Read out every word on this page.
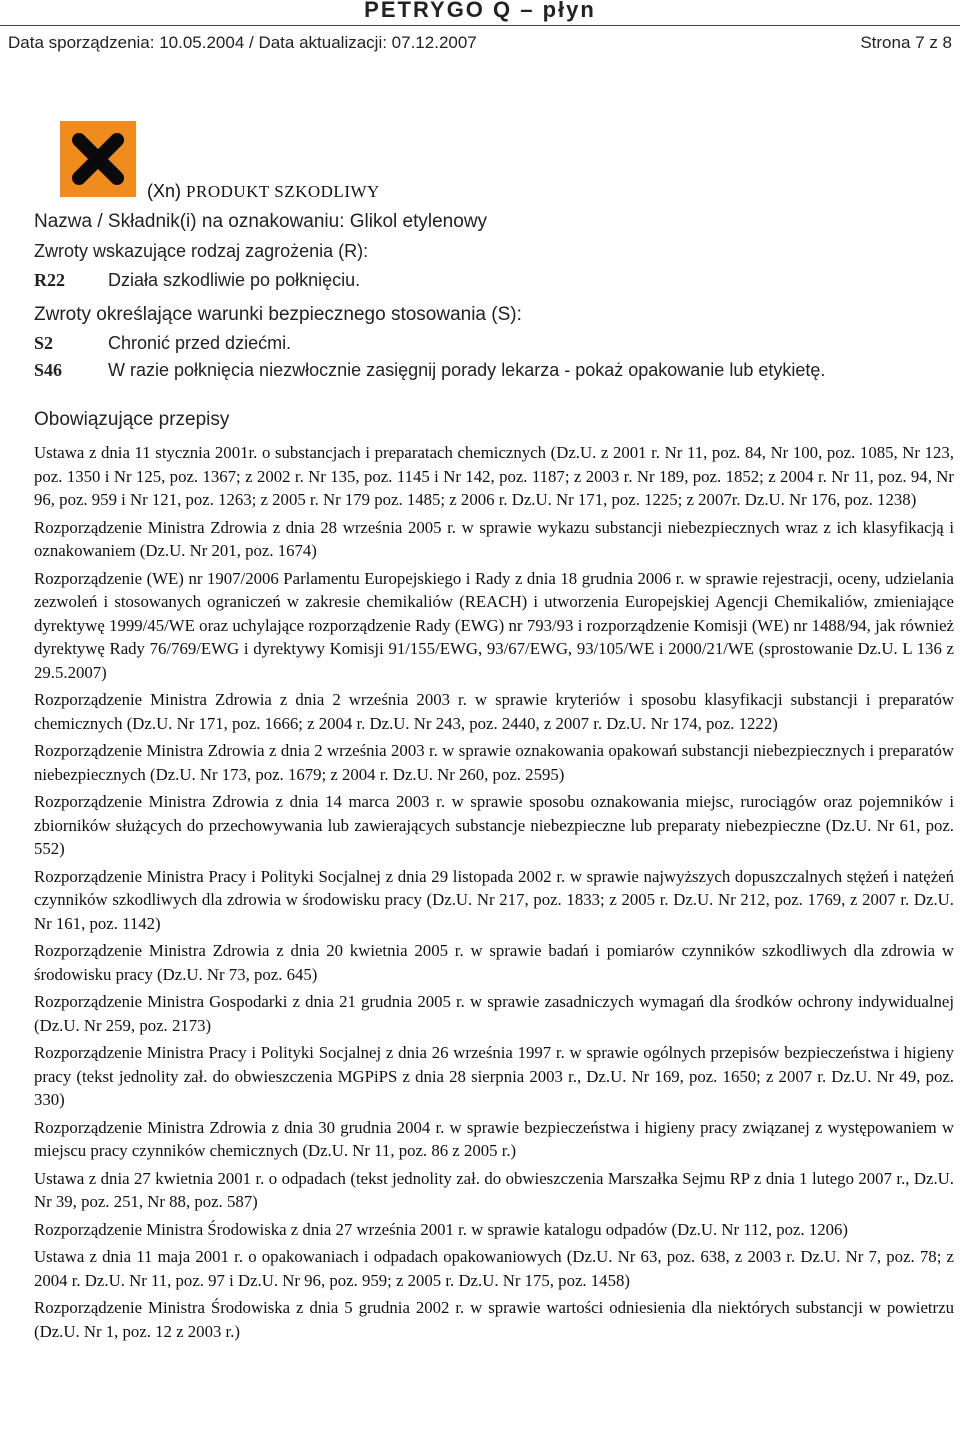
PETRYGO Q – płyn
Data sporządzenia: 10.05.2004 / Data aktualizacji: 07.12.2007	Strona 7 z 8
(Xn) PRODUKT SZKODLIWY
Nazwa / Składnik(i) na oznakowaniu: Glikol etylenowy
Zwroty wskazujące rodzaj zagrożenia (R):
R22 Działa szkodliwie po połknięciu.
Zwroty określające warunki bezpiecznego stosowania (S):
S2	Chronić przed dziećmi.
S46	W razie połknięcia niezwłocznie zasięgnij porady lekarza - pokaż opakowanie lub etykietę.
Obowiązujące przepisy
Ustawa z dnia 11 stycznia 2001r. o substancjach i preparatach chemicznych (Dz.U. z 2001 r. Nr 11, poz. 84, Nr 100, poz. 1085, Nr 123, poz. 1350 i Nr 125, poz. 1367; z 2002 r. Nr 135, poz. 1145 i Nr 142, poz. 1187; z 2003 r. Nr 189, poz. 1852; z 2004 r. Nr 11, poz. 94, Nr 96, poz. 959 i Nr 121, poz. 1263; z 2005 r. Nr 179 poz. 1485; z 2006 r. Dz.U. Nr 171, poz. 1225; z 2007r. Dz.U. Nr 176, poz. 1238)
Rozporządzenie Ministra Zdrowia z dnia 28 września 2005 r. w sprawie wykazu substancji niebezpiecznych wraz z ich klasyfikacją i oznakowaniem (Dz.U. Nr 201, poz. 1674)
Rozporządzenie (WE) nr 1907/2006 Parlamentu Europejskiego i Rady z dnia 18 grudnia 2006 r. w sprawie rejestracji, oceny, udzielania zezwoleń i stosowanych ograniczeń w zakresie chemikaliów (REACH) i utworzenia Europejskiej Agencji Chemikaliów, zmieniające dyrektywę 1999/45/WE oraz uchylające rozporządzenie Rady (EWG) nr 793/93 i rozporządzenie Komisji (WE) nr 1488/94, jak również dyrektywę Rady 76/769/EWG i dyrektywy Komisji 91/155/EWG, 93/67/EWG, 93/105/WE i 2000/21/WE (sprostowanie Dz.U. L 136 z 29.5.2007)
Rozporządzenie Ministra Zdrowia z dnia 2 września 2003 r. w sprawie kryteriów i sposobu klasyfikacji substancji i preparatów chemicznych (Dz.U. Nr 171, poz. 1666; z 2004 r. Dz.U. Nr 243, poz. 2440, z 2007 r. Dz.U. Nr 174, poz. 1222)
Rozporządzenie Ministra Zdrowia z dnia 2 września 2003 r. w sprawie oznakowania opakowań substancji niebezpiecznych i preparatów niebezpiecznych (Dz.U. Nr 173, poz. 1679; z 2004 r. Dz.U. Nr 260, poz. 2595)
Rozporządzenie Ministra Zdrowia z dnia 14 marca 2003 r. w sprawie sposobu oznakowania miejsc, rurociągów oraz pojemników i zbiorników służących do przechowywania lub zawierających substancje niebezpieczne lub preparaty niebezpieczne (Dz.U. Nr 61, poz. 552)
Rozporządzenie Ministra Pracy i Polityki Socjalnej z dnia 29 listopada 2002 r. w sprawie najwyższych dopuszczalnych stężeń i natężeń czynników szkodliwych dla zdrowia w środowisku pracy (Dz.U. Nr 217, poz. 1833; z 2005 r. Dz.U. Nr 212, poz. 1769, z 2007 r. Dz.U. Nr 161, poz. 1142)
Rozporządzenie Ministra Zdrowia z dnia 20 kwietnia 2005 r. w sprawie badań i pomiarów czynników szkodliwych dla zdrowia w środowisku pracy (Dz.U. Nr 73, poz. 645)
Rozporządzenie Ministra Gospodarki z dnia 21 grudnia 2005 r. w sprawie zasadniczych wymagań dla środków ochrony indywidualnej (Dz.U. Nr 259, poz. 2173)
Rozporządzenie Ministra Pracy i Polityki Socjalnej z dnia 26 września 1997 r. w sprawie ogólnych przepisów bezpieczeństwa i higieny pracy (tekst jednolity zał. do obwieszczenia MGPiPS z dnia 28 sierpnia 2003 r., Dz.U. Nr 169, poz. 1650; z 2007 r. Dz.U. Nr 49, poz. 330)
Rozporządzenie Ministra Zdrowia z dnia 30 grudnia 2004 r. w sprawie bezpieczeństwa i higieny pracy związanej z występowaniem w miejscu pracy czynników chemicznych (Dz.U. Nr 11, poz. 86 z 2005 r.)
Ustawa z dnia 27 kwietnia 2001 r. o odpadach (tekst jednolity zał. do obwieszczenia Marszałka Sejmu RP z dnia 1 lutego 2007 r., Dz.U. Nr 39, poz. 251, Nr 88, poz. 587)
Rozporządzenie Ministra Środowiska z dnia 27 września 2001 r. w sprawie katalogu odpadów (Dz.U. Nr 112, poz. 1206)
Ustawa z dnia 11 maja 2001 r. o opakowaniach i odpadach opakowaniowych (Dz.U. Nr 63, poz. 638, z 2003 r. Dz.U. Nr 7, poz. 78; z 2004 r. Dz.U. Nr 11, poz. 97 i Dz.U. Nr 96, poz. 959; z 2005 r. Dz.U. Nr 175, poz. 1458)
Rozporządzenie Ministra Środowiska z dnia 5 grudnia 2002 r. w sprawie wartości odniesienia dla niektórych substancji w powietrzu (Dz.U. Nr 1, poz. 12 z 2003 r.)
